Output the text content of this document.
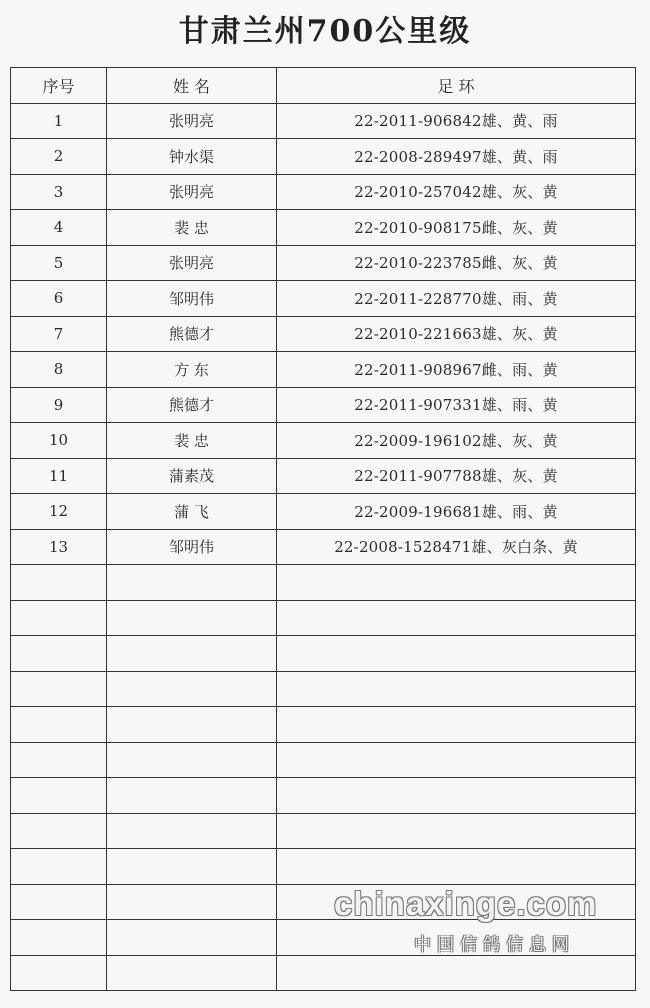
甘肃兰州700公里级
序号	姓 名	足 环
1	张明亮	22-2011-906842雄、黄、雨
2	钟水渠	22-2008-289497雄、黄、雨
3	张明亮	22-2010-257042雄、灰、黄
4	裴 忠	22-2010-908175雌、灰、黄
5	张明亮	22-2010-223785雌、灰、黄
6	邹明伟	22-2011-228770雄、雨、黄
7	熊德才	22-2010-221663雄、灰、黄
8	方 东	22-2011-908967雌、雨、黄
9	熊德才	22-2011-907331雄、雨、黄
10	裴 忠	22-2009-196102雄、灰、黄
11	蒲素茂	22-2011-907788雄、灰、黄
12	蒲 飞	22-2009-196681雄、雨、黄
13	邹明伟	22-2008-1528471雄、灰白条、黄

chinaxinge.com
中国信鸽信息网
